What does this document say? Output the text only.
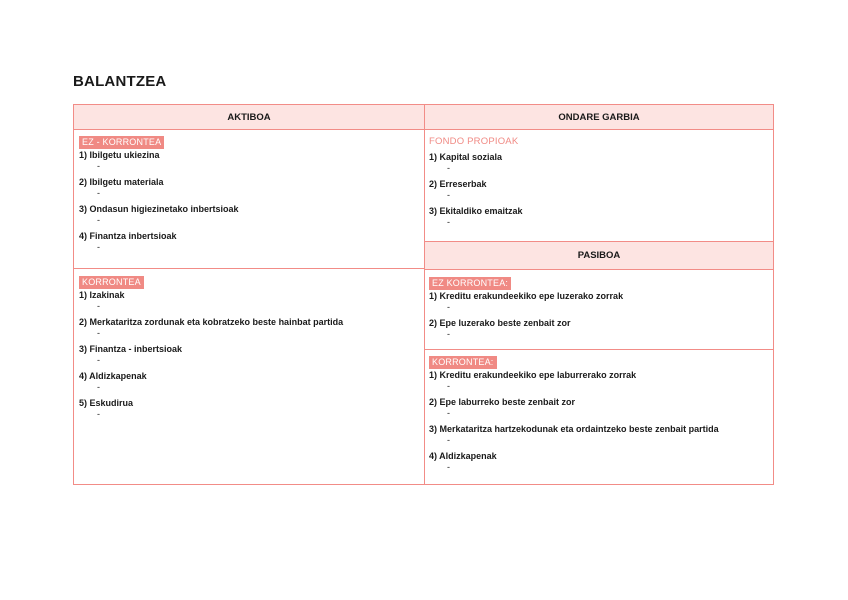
BALANTZEA
AKTIBOA	ONDARE GARBIA
PASIBOA
EZ - KORRONTEA
1) Ibilgetu ukiezina
-
2) Ibilgetu materiala
-
3) Ondasun higiezinetako inbertsioak
-
4) Finantza inbertsioak
-
KORRONTEA
1) Izakinak
-
2) Merkataritza zordunak eta kobratzeko beste hainbat partida
-
3) Finantza - inbertsioak
-
4) Aldizkapenak
-
5) Eskudirua
-
FONDO PROPIOAK
1) Kapital soziala
-
2) Erreserbak
-
3) Ekitaldiko emaitzak
-
EZ KORRONTEA:
1) Kreditu erakundeekiko epe luzerako zorrak
-
2) Epe luzerako beste zenbait zor
-
KORRONTEA:
1) Kreditu erakundeekiko epe laburrerako zorrak
-
2) Epe laburreko beste zenbait zor
-
3) Merkataritza hartzekodunak eta ordaintzeko beste zenbait partida
-
4) Aldizkapenak
-
